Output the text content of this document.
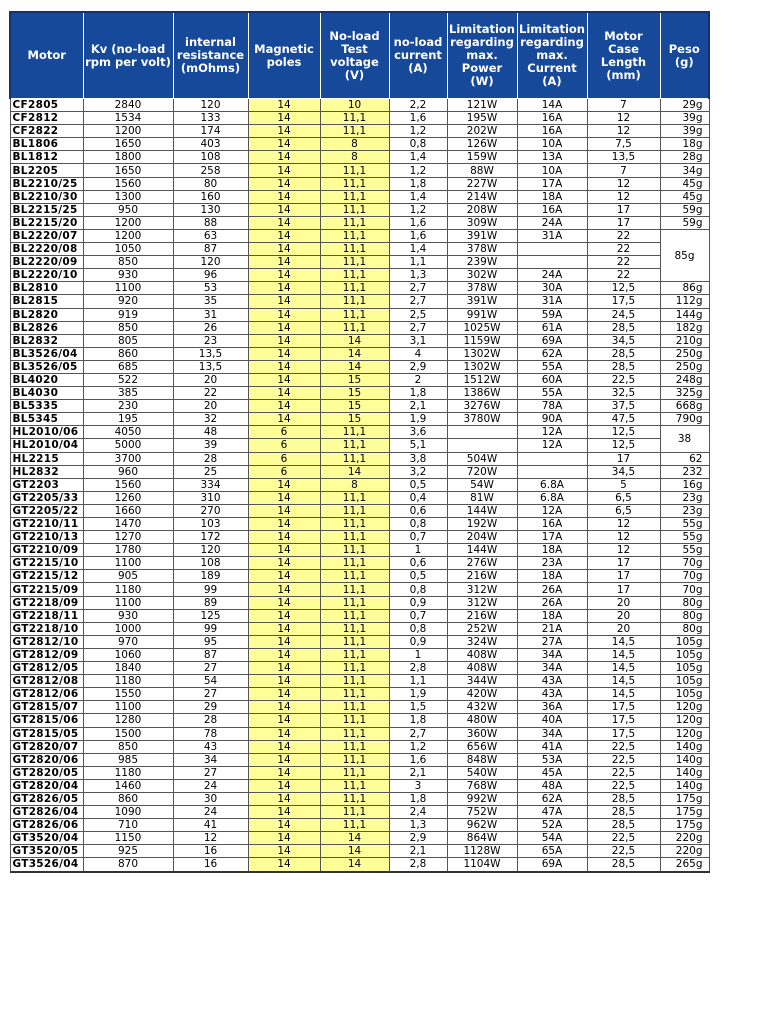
Motor	Kv (no-load rpm per volt)	internal resistance (mOhms)	Magnetic poles	No-load Test voltage (V)	no-load current (A)	Limitation regarding max. Power (W)	Limitation regarding max. Current (A)	Motor Case Length (mm)	Peso (g)
CF2805	2840	120	14	10	2,2	121W	14A	7	29g
CF2812	1534	133	14	11,1	1,6	195W	16A	12	39g
CF2822	1200	174	14	11,1	1,2	202W	16A	12	39g
BL1806	1650	403	14	8	0,8	126W	10A	7,5	18g
BL1812	1800	108	14	8	1,4	159W	13A	13,5	28g
BL2205	1650	258	14	11,1	1,2	88W	10A	7	34g
BL2210/25	1560	80	14	11,1	1,8	227W	17A	12	45g
BL2210/30	1300	160	14	11,1	1,4	214W	18A	12	45g
BL2215/25	950	130	14	11,1	1,2	208W	16A	17	59g
BL2215/20	1200	88	14	11,1	1,6	309W	24A	17	59g
BL2220/07	1200	63	14	11,1	1,6	391W	31A	22	85g
BL2220/08	1050	87	14	11,1	1,4	378W		22	
BL2220/09	850	120	14	11,1	1,1	239W		22	
BL2220/10	930	96	14	11,1	1,3	302W	24A	22	
BL2810	1100	53	14	11,1	2,7	378W	30A	12,5	86g
BL2815	920	35	14	11,1	2,7	391W	31A	17,5	112g
BL2820	919	31	14	11,1	2,5	991W	59A	24,5	144g
BL2826	850	26	14	11,1	2,7	1025W	61A	28,5	182g
BL2832	805	23	14	14	3,1	1159W	69A	34,5	210g
BL3526/04	860	13,5	14	14	4	1302W	62A	28,5	250g
BL3526/05	685	13,5	14	14	2,9	1302W	55A	28,5	250g
BL4020	522	20	14	15	2	1512W	60A	22,5	248g
BL4030	385	22	14	15	1,8	1386W	55A	32,5	325g
BL5335	230	20	14	15	2,1	3276W	78A	37,5	668g
BL5345	195	32	14	15	1,9	3780W	90A	47,5	790g
HL2010/06	4050	48	6	11,1	3,6		12A	12,5	38
HL2010/04	5000	39	6	11,1	5,1		12A	12,5	
HL2215	3700	28	6	11,1	3,8	504W		17	62
HL2832	960	25	6	14	3,2	720W		34,5	232
GT2203	1560	334	14	8	0,5	54W	6.8A	5	16g
GT2205/33	1260	310	14	11,1	0,4	81W	6.8A	6,5	23g
GT2205/22	1660	270	14	11,1	0,6	144W	12A	6,5	23g
GT2210/11	1470	103	14	11,1	0,8	192W	16A	12	55g
GT2210/13	1270	172	14	11,1	0,7	204W	17A	12	55g
GT2210/09	1780	120	14	11,1	1	144W	18A	12	55g
GT2215/10	1100	108	14	11,1	0,6	276W	23A	17	70g
GT2215/12	905	189	14	11,1	0,5	216W	18A	17	70g
GT2215/09	1180	99	14	11,1	0,8	312W	26A	17	70g
GT2218/09	1100	89	14	11,1	0,9	312W	26A	20	80g
GT2218/11	930	125	14	11,1	0,7	216W	18A	20	80g
GT2218/10	1000	99	14	11,1	0,8	252W	21A	20	80g
GT2812/10	970	95	14	11,1	0,9	324W	27A	14,5	105g
GT2812/09	1060	87	14	11,1	1	408W	34A	14,5	105g
GT2812/05	1840	27	14	11,1	2,8	408W	34A	14,5	105g
GT2812/08	1180	54	14	11,1	1,1	344W	43A	14,5	105g
GT2812/06	1550	27	14	11,1	1,9	420W	43A	14,5	105g
GT2815/07	1100	29	14	11,1	1,5	432W	36A	17,5	120g
GT2815/06	1280	28	14	11,1	1,8	480W	40A	17,5	120g
GT2815/05	1500	78	14	11,1	2,7	360W	34A	17,5	120g
GT2820/07	850	43	14	11,1	1,2	656W	41A	22,5	140g
GT2820/06	985	34	14	11,1	1,6	848W	53A	22,5	140g
GT2820/05	1180	27	14	11,1	2,1	540W	45A	22,5	140g
GT2820/04	1460	24	14	11,1	3	768W	48A	22,5	140g
GT2826/05	860	30	14	11,1	1,8	992W	62A	28,5	175g
GT2826/04	1090	24	14	11,1	2,4	752W	47A	28,5	175g
GT2826/06	710	41	14	11,1	1,3	962W	52A	28,5	175g
GT3520/04	1150	12	14	14	2,9	864W	54A	22,5	220g
GT3520/05	925	16	14	14	2,1	1128W	65A	22,5	220g
GT3526/04	870	16	14	14	2,8	1104W	69A	28,5	265g
